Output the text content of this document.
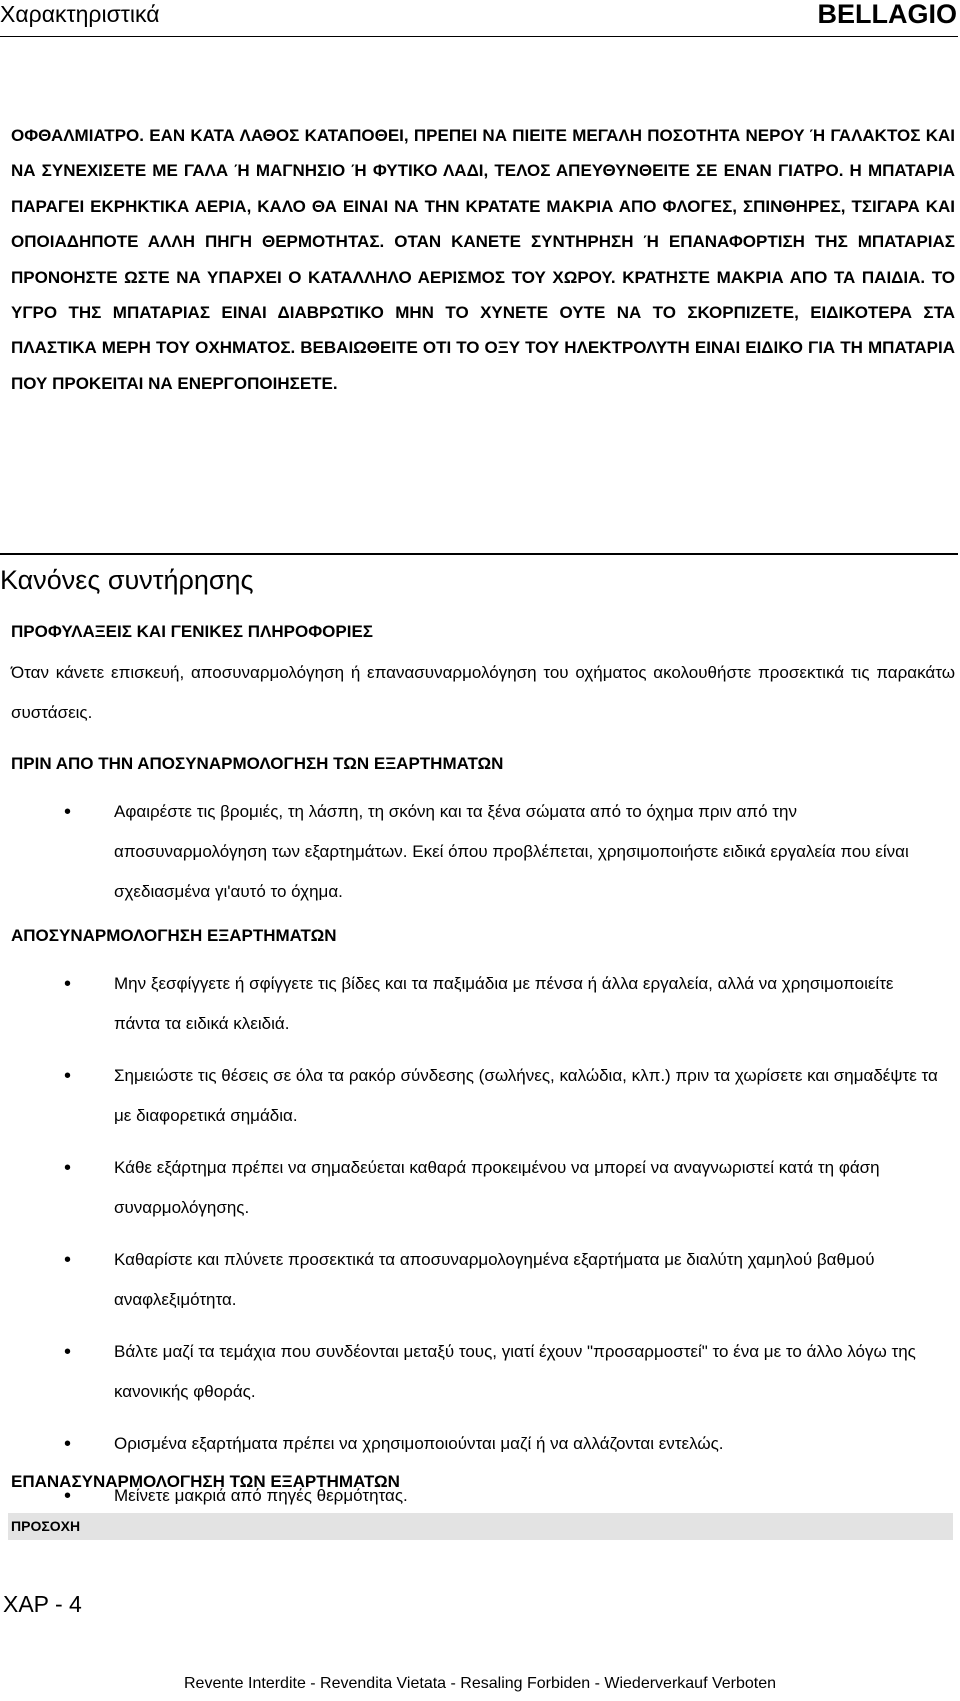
Χαρακτηριστικά	BELLAGIO

ΟΦΘΑΛΜΙΑΤΡΟ. ΕΑΝ ΚΑΤΑ ΛΑΘΟΣ ΚΑΤΑΠΟΘΕΙ, ΠΡΕΠΕΙ ΝΑ ΠΙΕΙΤΕ ΜΕΓΑΛΗ ΠΟΣΟΤΗΤΑ ΝΕΡΟΥ Ή ΓΑΛΑΚΤΟΣ ΚΑΙ ΝΑ ΣΥΝΕΧΙΣΕΤΕ ΜΕ ΓΑΛΑ Ή ΜΑΓΝΗΣΙΟ Ή ΦΥΤΙΚΟ ΛΑΔΙ, ΤΕΛΟΣ ΑΠΕΥΘΥΝΘΕΙΤΕ ΣΕ ΕΝΑΝ ΓΙΑΤΡΟ. Η ΜΠΑΤΑΡΙΑ ΠΑΡΑΓΕΙ ΕΚΡΗΚΤΙΚΑ ΑΕΡΙΑ, ΚΑΛΟ ΘΑ ΕΙΝΑΙ ΝΑ ΤΗΝ ΚΡΑΤΑΤΕ ΜΑΚΡΙΑ ΑΠΟ ΦΛΟΓΕΣ, ΣΠΙΝΘΗΡΕΣ, ΤΣΙΓΑΡΑ ΚΑΙ ΟΠΟΙΑΔΗΠΟΤΕ ΑΛΛΗ ΠΗΓΗ ΘΕΡΜΟΤΗΤΑΣ. ΟΤΑΝ ΚΑΝΕΤΕ ΣΥΝΤΗΡΗΣΗ Ή ΕΠΑΝΑΦΟΡΤΙΣΗ ΤΗΣ ΜΠΑΤΑΡΙΑΣ ΠΡΟΝΟΗΣΤΕ ΩΣΤΕ ΝΑ ΥΠΑΡΧΕΙ Ο ΚΑΤΑΛΛΗΛΟ ΑΕΡΙΣΜΟΣ ΤΟΥ ΧΩΡΟΥ. ΚΡΑΤΗΣΤΕ ΜΑΚΡΙΑ ΑΠΟ ΤΑ ΠΑΙΔΙΑ. ΤΟ ΥΓΡΟ ΤΗΣ ΜΠΑΤΑΡΙΑΣ ΕΙΝΑΙ ΔΙΑΒΡΩΤΙΚΟ ΜΗΝ ΤΟ ΧΥΝΕΤΕ ΟΥΤΕ ΝΑ ΤΟ ΣΚΟΡΠΙΖΕΤΕ, ΕΙΔΙΚΟΤΕΡΑ ΣΤΑ ΠΛΑΣΤΙΚΑ ΜΕΡΗ ΤΟΥ ΟΧΗΜΑΤΟΣ. ΒΕΒΑΙΩΘΕΙΤΕ ΟΤΙ ΤΟ ΟΞΥ ΤΟΥ ΗΛΕΚΤΡΟΛΥΤΗ ΕΙΝΑΙ ΕΙΔΙΚΟ ΓΙΑ ΤΗ ΜΠΑΤΑΡΙΑ ΠΟΥ ΠΡΟΚΕΙΤΑΙ ΝΑ ΕΝΕΡΓΟΠΟΙΗΣΕΤΕ.

Κανόνες συντήρησης
ΠΡΟΦΥΛΑΞΕΙΣ ΚΑΙ ΓΕΝΙΚΕΣ ΠΛΗΡΟΦΟΡΙΕΣ

Όταν κάνετε επισκευή, αποσυναρμολόγηση ή επανασυναρμολόγηση του οχήματος ακολουθήστε προσεκτικά τις παρακάτω συστάσεις.

ΠΡΙΝ ΑΠΟ ΤΗΝ ΑΠΟΣΥΝΑΡΜΟΛΟΓΗΣΗ ΤΩΝ ΕΞΑΡΤΗΜΑΤΩΝ
• Αφαιρέστε τις βρομιές, τη λάσπη, τη σκόνη και τα ξένα σώματα από το όχημα πριν από την αποσυναρμολόγηση των εξαρτημάτων. Εκεί όπου προβλέπεται, χρησιμοποιήστε ειδικά εργαλεία που είναι σχεδιασμένα γι'αυτό το όχημα.
ΑΠΟΣΥΝΑΡΜΟΛΟΓΗΣΗ ΕΞΑΡΤΗΜΑΤΩΝ
• Μην ξεσφίγγετε ή σφίγγετε τις βίδες και τα παξιμάδια με πένσα ή άλλα εργαλεία, αλλά να χρησιμοποιείτε πάντα τα ειδικά κλειδιά.
• Σημειώστε τις θέσεις σε όλα τα ρακόρ σύνδεσης (σωλήνες, καλώδια, κλπ.) πριν τα χωρίσετε και σημαδέψτε τα με διαφορετικά σημάδια.
• Κάθε εξάρτημα πρέπει να σημαδεύεται καθαρά προκειμένου να μπορεί να αναγνωριστεί κατά τη φάση συναρμολόγησης.
• Καθαρίστε και πλύνετε προσεκτικά τα αποσυναρμολογημένα εξαρτήματα με διαλύτη χαμηλού βαθμού αναφλεξιμότητα.
• Βάλτε μαζί τα τεμάχια που συνδέονται μεταξύ τους, γιατί έχουν "προσαρμοστεί" το ένα με το άλλο λόγω της κανονικής φθοράς.
• Ορισμένα εξαρτήματα πρέπει να χρησιμοποιούνται μαζί ή να αλλάζονται εντελώς.
• Μείνετε μακριά από πηγές θερμότητας.
ΕΠΑΝΑΣΥΝΑΡΜΟΛΟΓΗΣΗ ΤΩΝ ΕΞΑΡΤΗΜΑΤΩΝ
ΠΡΟΣΟΧΗ
XAP - 4
Revente Interdite - Revendita Vietata - Resaling Forbiden - Wiederverkauf Verboten
